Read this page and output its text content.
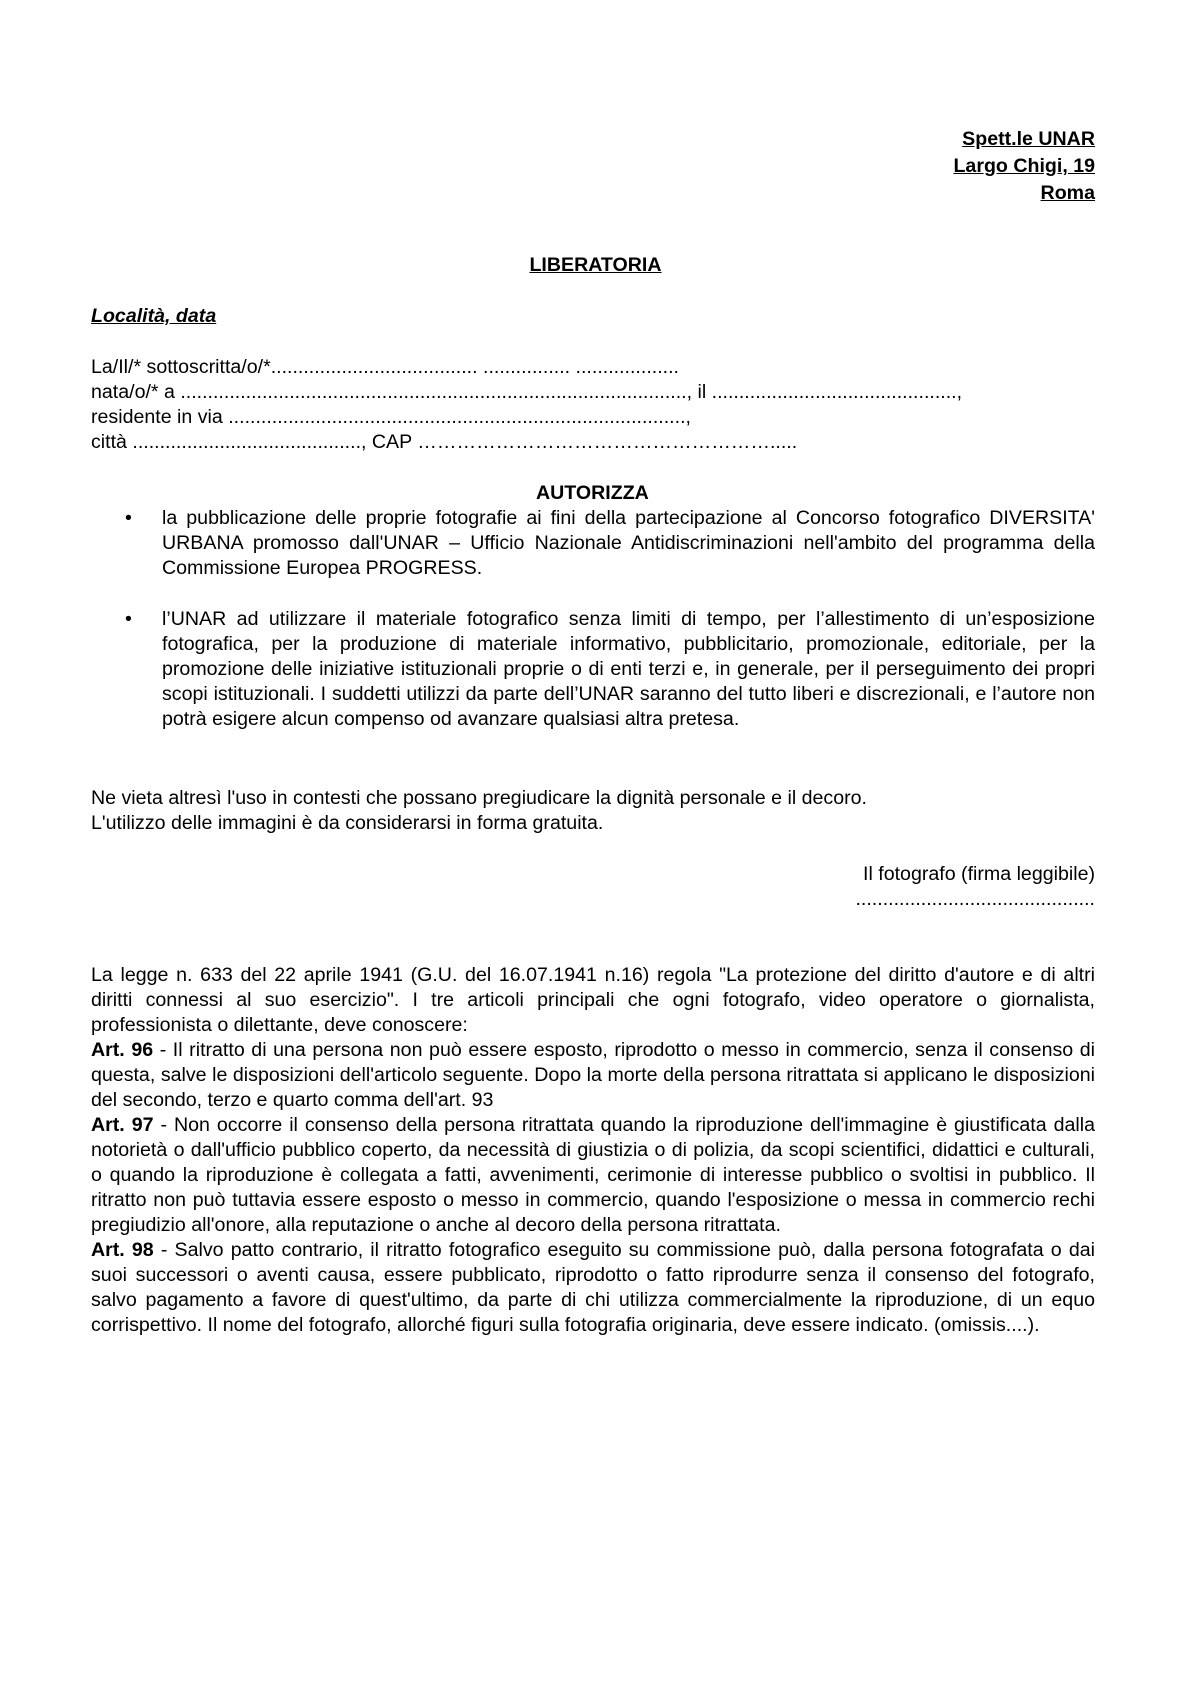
Spett.le UNAR
Largo Chigi, 19
Roma
LIBERATORIA
Località, data
La/Il/* sottoscritta/o/*...................................... ................ ...................
nata/o/* a ............................................................................................., il .............................................,
residente in via ....................................................................................,
città .........................................., CAP ……………………………………………….....
AUTORIZZA
• la pubblicazione delle proprie fotografie ai fini della partecipazione al Concorso fotografico DIVERSITA' URBANA promosso dall'UNAR – Ufficio Nazionale Antidiscriminazioni nell'ambito del programma della Commissione Europea PROGRESS.
• l’UNAR ad utilizzare il materiale fotografico senza limiti di tempo, per l’allestimento di un’esposizione fotografica, per la produzione di materiale informativo, pubblicitario, promozionale, editoriale, per la promozione delle iniziative istituzionali proprie o di enti terzi e, in generale, per il perseguimento dei propri scopi istituzionali. I suddetti utilizzi da parte dell’UNAR saranno del tutto liberi e discrezionali, e l’autore non potrà esigere alcun compenso od avanzare qualsiasi altra pretesa.
Ne vieta altresì l'uso in contesti che possano pregiudicare la dignità personale e il decoro.
L'utilizzo delle immagini è da considerarsi in forma gratuita.
Il fotografo (firma leggibile)
............................................
La legge n. 633 del 22 aprile 1941 (G.U. del 16.07.1941 n.16) regola "La protezione del diritto d'autore e di altri diritti connessi al suo esercizio". I tre articoli principali che ogni fotografo, video operatore o giornalista, professionista o dilettante, deve conoscere:
Art. 96 - Il ritratto di una persona non può essere esposto, riprodotto o messo in commercio, senza il consenso di questa, salve le disposizioni dell'articolo seguente. Dopo la morte della persona ritrattata si applicano le disposizioni del secondo, terzo e quarto comma dell'art. 93
Art. 97 - Non occorre il consenso della persona ritrattata quando la riproduzione dell'immagine è giustificata dalla notorietà o dall'ufficio pubblico coperto, da necessità di giustizia o di polizia, da scopi scientifici, didattici e culturali, o quando la riproduzione è collegata a fatti, avvenimenti, cerimonie di interesse pubblico o svoltisi in pubblico. Il ritratto non può tuttavia essere esposto o messo in commercio, quando l'esposizione o messa in commercio rechi pregiudizio all'onore, alla reputazione o anche al decoro della persona ritrattata.
Art. 98 - Salvo patto contrario, il ritratto fotografico eseguito su commissione può, dalla persona fotografata o dai suoi successori o aventi causa, essere pubblicato, riprodotto o fatto riprodurre senza il consenso del fotografo, salvo pagamento a favore di quest'ultimo, da parte di chi utilizza commercialmente la riproduzione, di un equo corrispettivo. Il nome del fotografo, allorché figuri sulla fotografia originaria, deve essere indicato. (omissis....).
